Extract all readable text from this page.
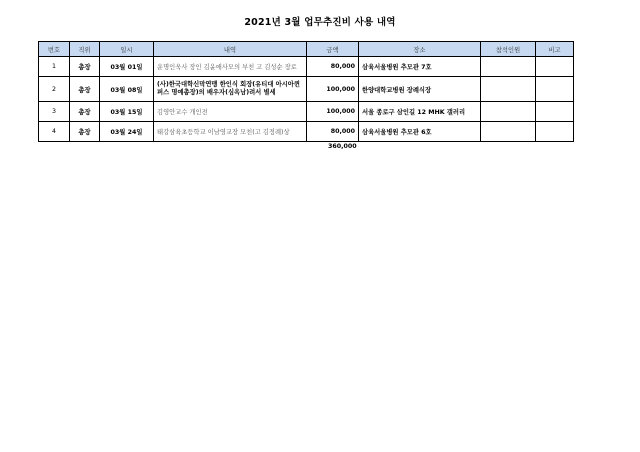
2021년 3월 업무추진비 사용 내역
번호	직위	일시	내역	금액	장소	참석인원	비고
1	총장	03월 01일	운명인욱사 장인 김윤애사모의 부친 고 김성순 장로	80,000	삼육서울병원 추모관 7호		
2	총장	03월 08일	(사)한국대학신막연맹 한인식 회장(유티대 아시아퀸퍼스 명예총장)의 배우자(심옥남)려서 별세	100,000	한양대학교병원 장례식장		
3	총장	03월 15일	김영안교수 개인전	100,000	서울 종로구 삼인길 12 MHK 갤러리		
4	총장	03월 24일	태강삼육초등학교 이남영교장 모친(고 김정례)상	80,000	삼육서울병원 추모관 6호		
360,000
